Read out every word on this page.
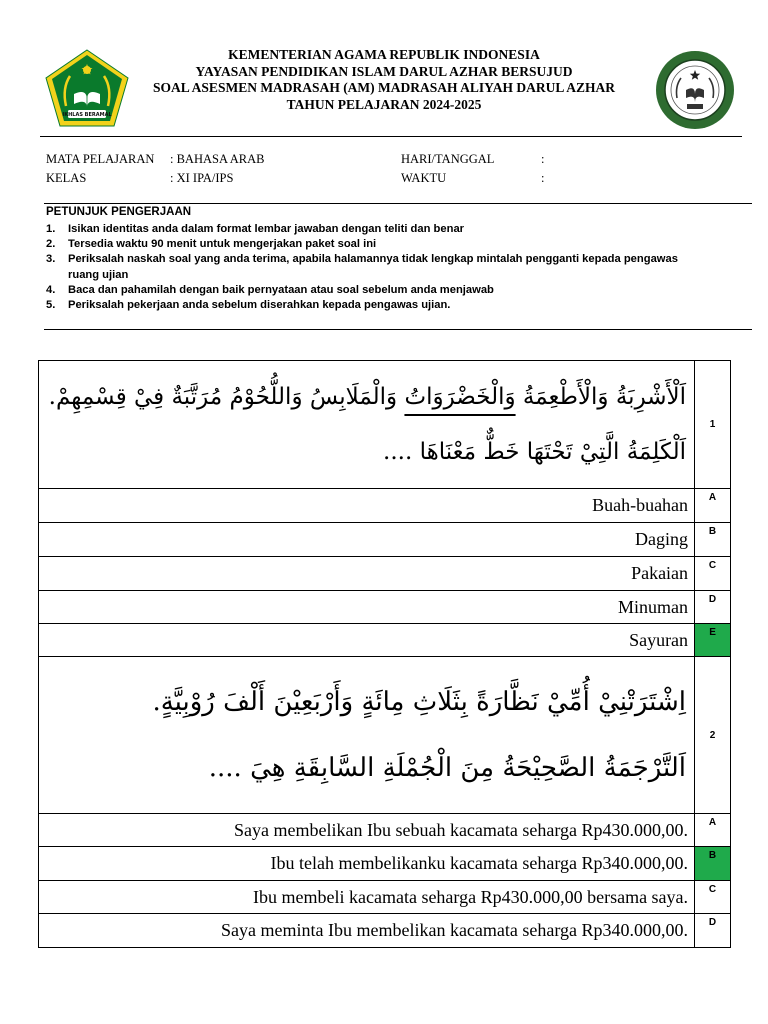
IKHLAS BERAMAL
KEMENTERIAN AGAMA REPUBLIK INDONESIA
YAYASAN PENDIDIKAN ISLAM DARUL AZHAR BERSUJUD
SOAL ASESMEN MADRASAH (AM) MADRASAH ALIYAH DARUL AZHAR
TAHUN PELAJARAN 2024-2025
MATA PELAJARAN : BAHASA ARAB
KELAS	: XI IPA/IPS
HARI/TANGGAL	:
WAKTU	:
PETUNJUK PENGERJAAN
1.	Isikan identitas anda dalam format lembar jawaban dengan teliti dan benar
2.	Tersedia waktu 90 menit untuk mengerjakan paket soal ini
3.	Periksalah naskah soal yang anda terima, apabila halamannya tidak lengkap mintalah pengganti kepada pengawas ruang ujian
4.	Baca dan pahamilah dengan baik pernyataan atau soal sebelum anda menjawab
5.	Periksalah pekerjaan anda sebelum diserahkan kepada pengawas ujian.
اَلْأَشْرِبَةُ وَالْأَطْعِمَةُ وَالْخَضْرَوَاتُ وَالْمَلَابِسُ وَاللُّحُوْمُ مُرَتَّبَةٌ فِيْ قِسْمِهِمْ.
اَلْكَلِمَةُ الَّتِيْ تَحْتَهَا خَطٌّ مَعْنَاهَا ....	1
Buah-buahan	A
Daging	B
Pakaian	C
Minuman	D
Sayuran	E

اِشْتَرَتْنِيْ أُمِّيْ نَظَّارَةً بِثَلَاثِ مِائَةٍ وَأَرْبَعِيْنَ أَلْفَ رُوْبِيَّةٍ.
اَلتَّرْجَمَةُ الصَّحِيْحَةُ مِنَ الْجُمْلَةِ السَّابِقَةِ هِيَ ....	2
Saya membelikan Ibu sebuah kacamata seharga Rp430.000,00.	A
Ibu telah membelikanku kacamata seharga Rp340.000,00.	B
Ibu membeli kacamata seharga Rp430.000,00 bersama saya.	C
Saya meminta Ibu membelikan kacamata seharga Rp340.000,00.	D
